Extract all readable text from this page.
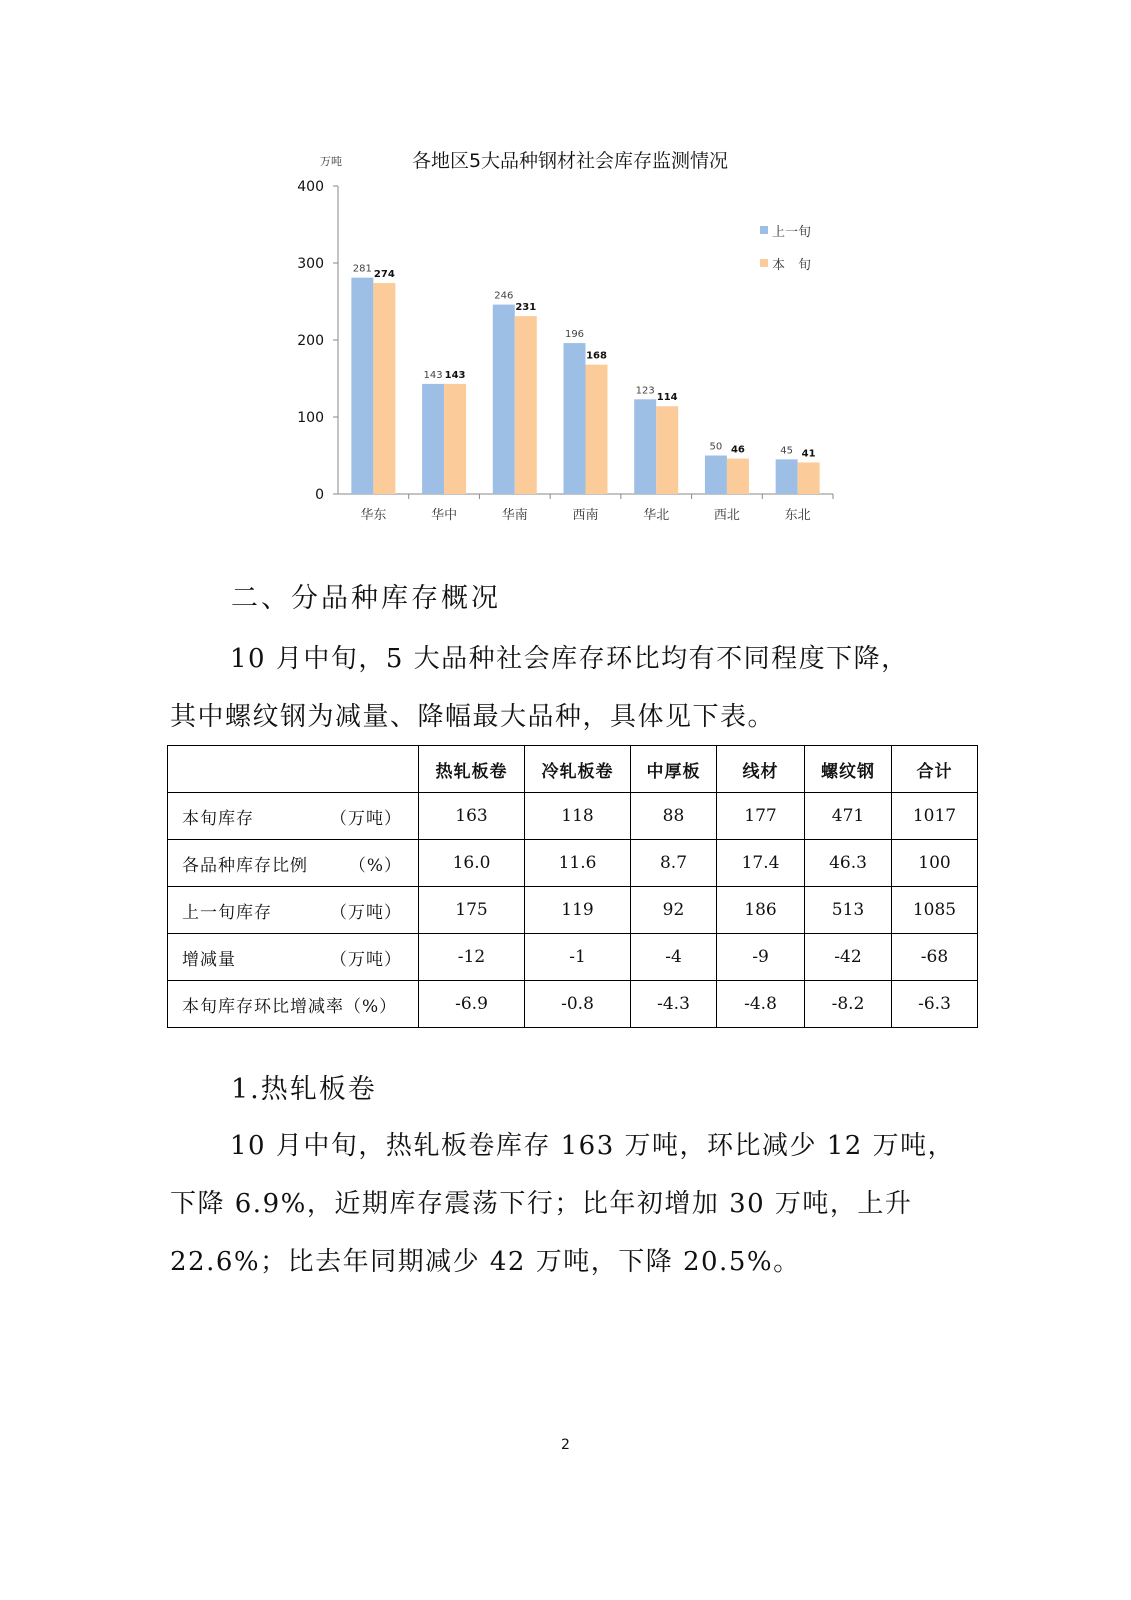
各地区5大品种钢材社会库存监测情况
万吨
0
100
200
300
400
华东
281 274
华中
143 143
华南
246
231
西南
196
168
华北
123
114
西北
50 46
东北
45 41
上一旬
本　旬
二、分品种库存概况
10 月中旬，5 大品种社会库存环比均有不同程度下降，
其中螺纹钢为减量、降幅最大品种，具体见下表。
	热轧板卷	冷轧板卷	中厚板	线材	螺纹钢	合计
本旬库存 （万吨）	163	118	88	177	471	1017
各品种库存比例 （%）	16.0	11.6	8.7	17.4	46.3	100
上一旬库存 （万吨）	175	119	92	186	513	1085
增减量 （万吨）	-12	-1	-4	-9	-42	-68
本旬库存环比增减率（%）	-6.9	-0.8	-4.3	-4.8	-8.2	-6.3
1.热轧板卷
10 月中旬，热轧板卷库存 163 万吨，环比减少 12 万吨，
下降 6.9%，近期库存震荡下行；比年初增加 30 万吨，上升
22.6%；比去年同期减少 42 万吨，下降 20.5%。
2
